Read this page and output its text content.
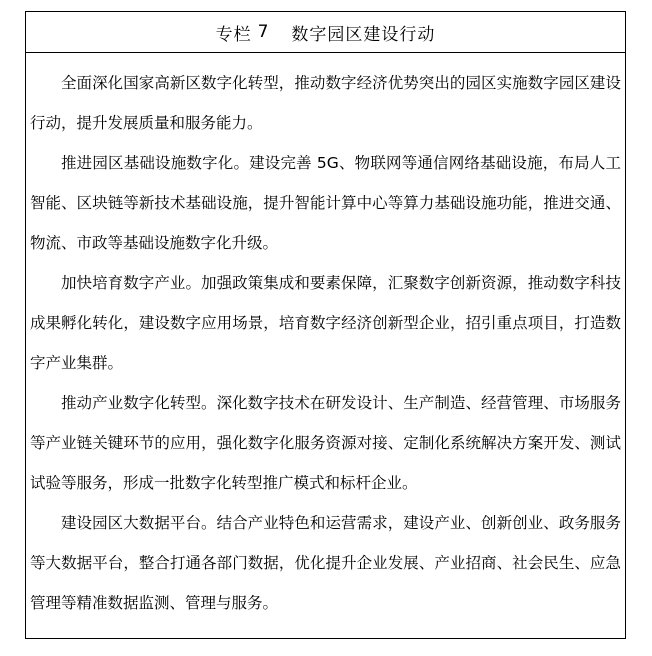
专栏 7 数字园区建设行动

全面深化国家高新区数字化转型，推动数字经济优势突出的园区实施数字园区建设行动，提升发展质量和服务能力。

推进园区基础设施数字化。建设完善 5G、物联网等通信网络基础设施，布局人工智能、区块链等新技术基础设施，提升智能计算中心等算力基础设施功能，推进交通、物流、市政等基础设施数字化升级。

加快培育数字产业。加强政策集成和要素保障，汇聚数字创新资源，推动数字科技成果孵化转化，建设数字应用场景，培育数字经济创新型企业，招引重点项目，打造数字产业集群。

推动产业数字化转型。深化数字技术在研发设计、生产制造、经营管理、市场服务等产业链关键环节的应用，强化数字化服务资源对接、定制化系统解决方案开发、测试试验等服务，形成一批数字化转型推广模式和标杆企业。

建设园区大数据平台。结合产业特色和运营需求，建设产业、创新创业、政务服务等大数据平台，整合打通各部门数据，优化提升企业发展、产业招商、社会民生、应急管理等精准数据监测、管理与服务。
